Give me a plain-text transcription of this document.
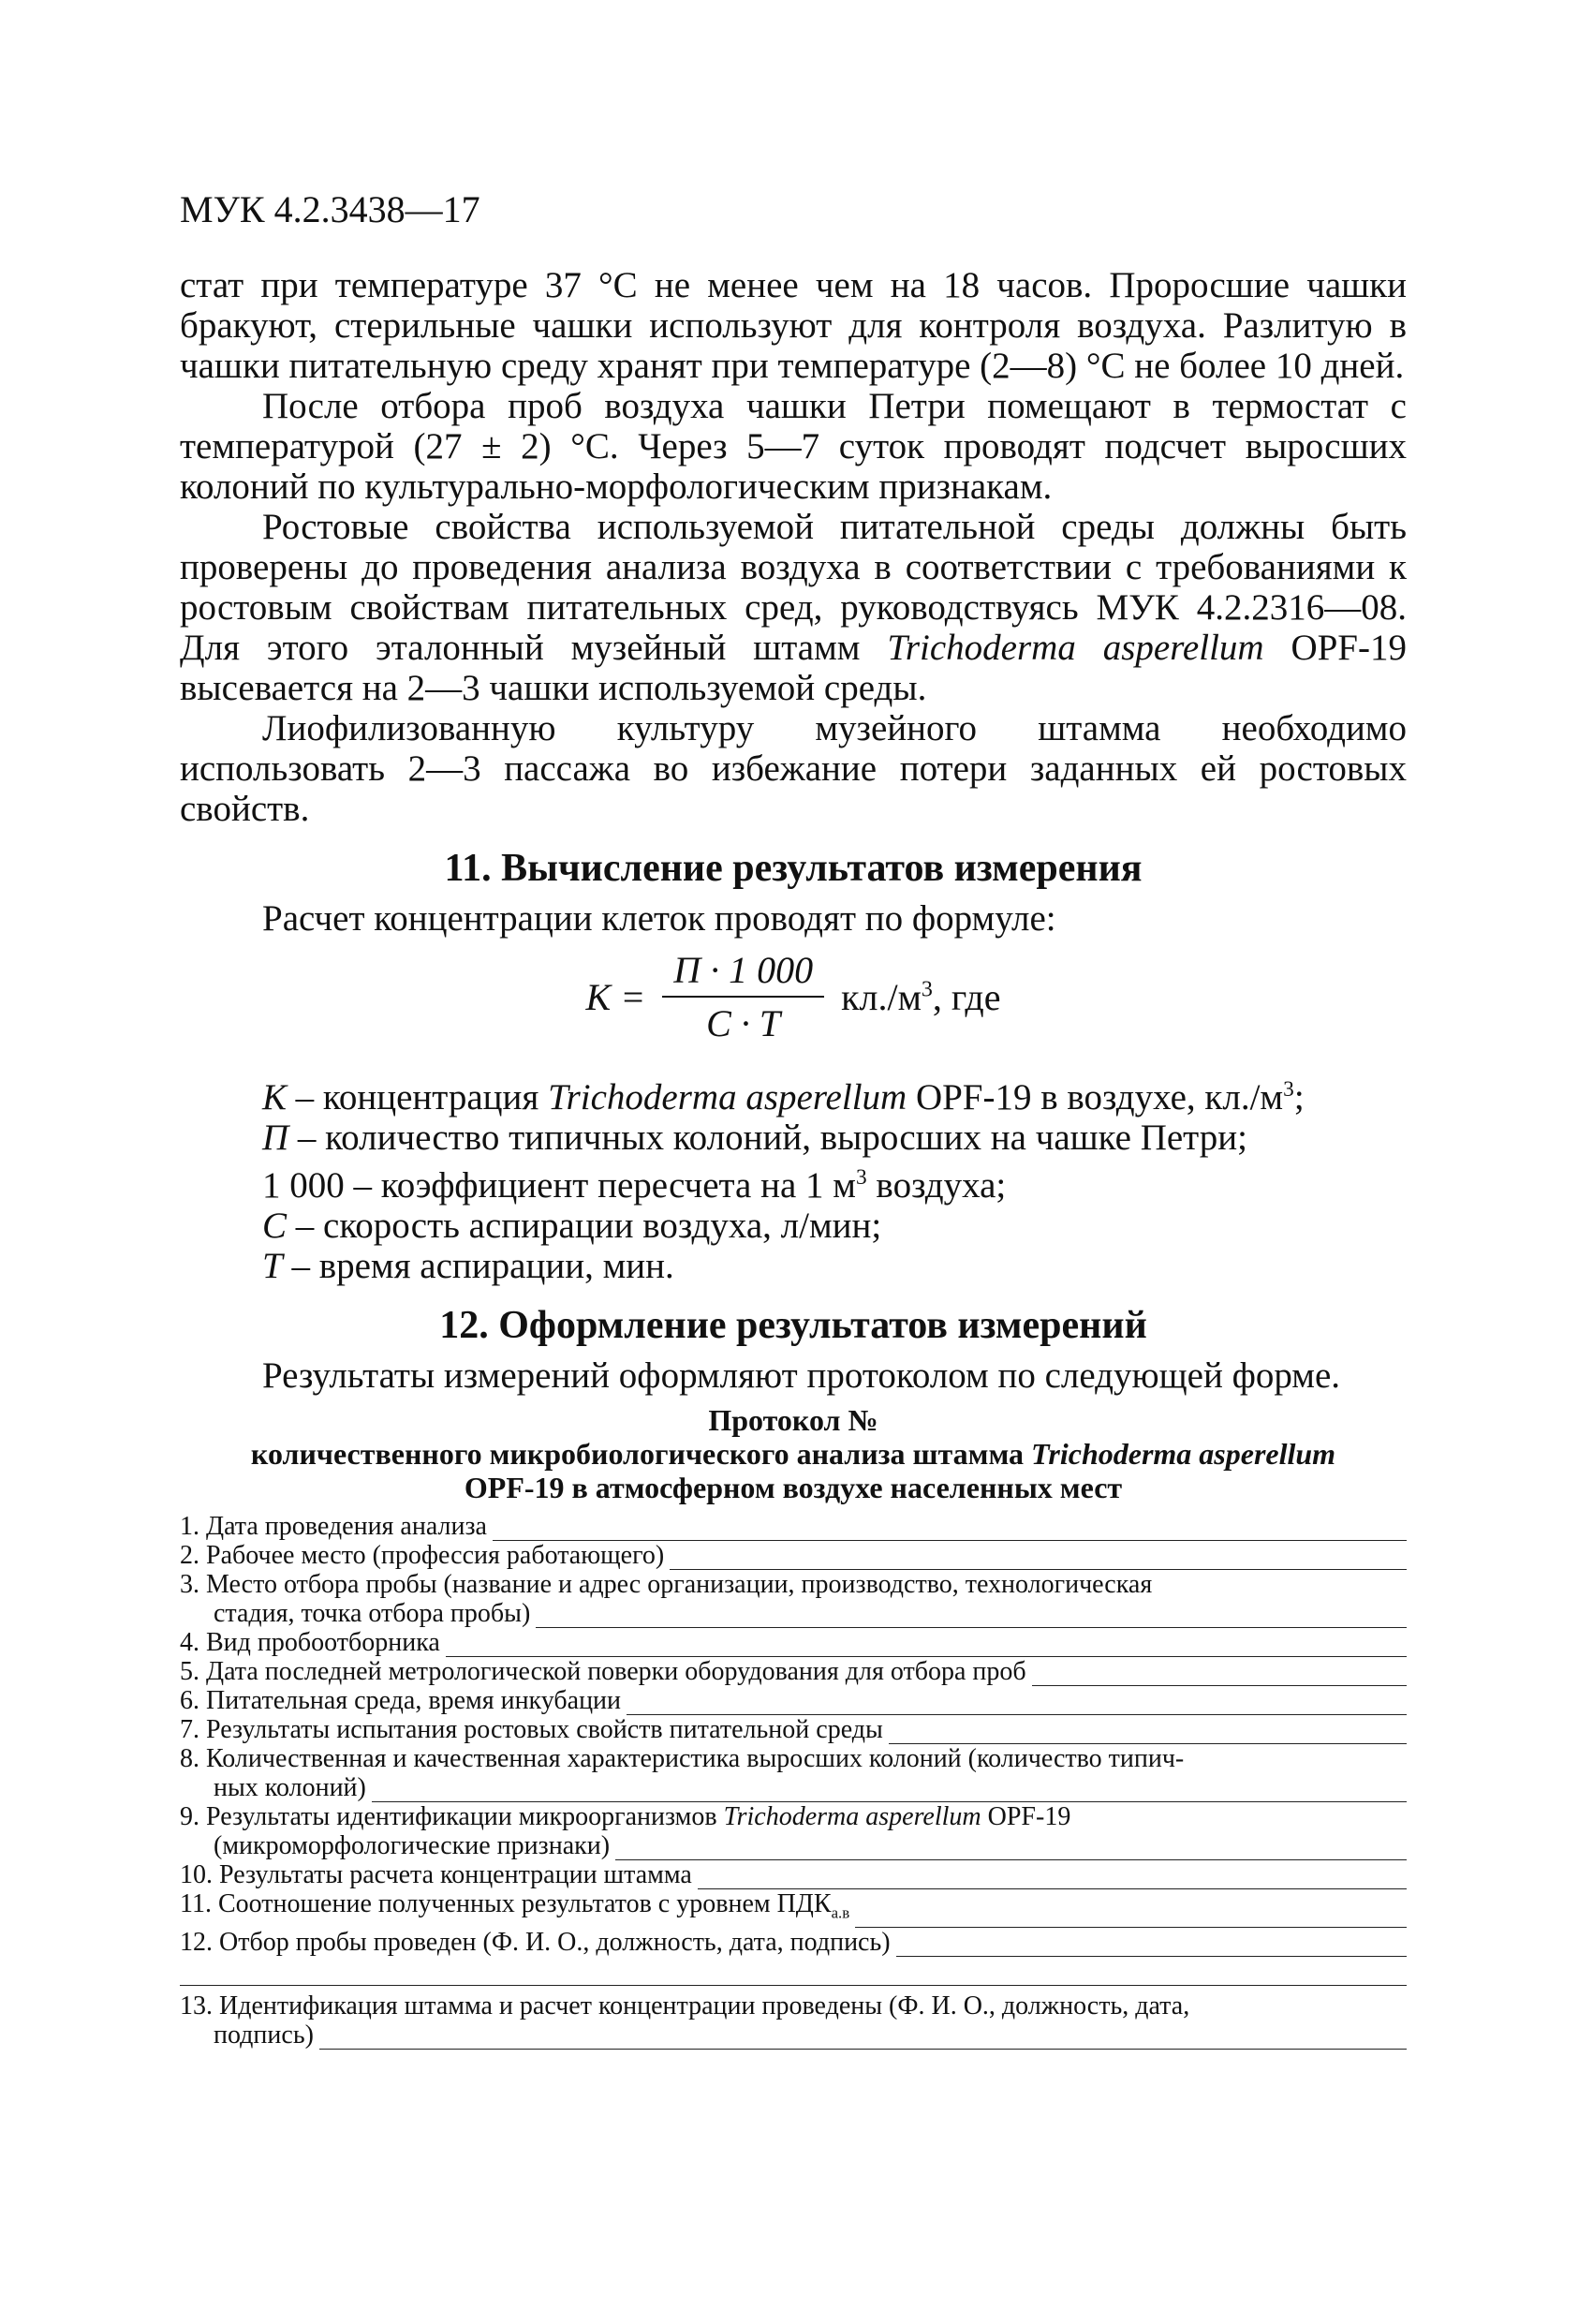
МУК 4.2.3438—17

стат при температуре 37 °С не менее чем на 18 часов. Проросшие чашки бракуют, стерильные чашки используют для контроля воздуха. Разлитую в чашки питательную среду хранят при температуре (2—8) °С не более 10 дней.

После отбора проб воздуха чашки Петри помещают в термостат с температурой (27 ± 2) °С. Через 5—7 суток проводят подсчет выросших колоний по культурально-морфологическим признакам.

Ростовые свойства используемой питательной среды должны быть проверены до проведения анализа воздуха в соответствии с требованиями к ростовым свойствам питательных сред, руководствуясь МУК 4.2.2316—08. Для этого эталонный музейный штамм Trichoderma asperellum OPF-19 высевается на 2—3 чашки используемой среды.

Лиофилизованную культуру музейного штамма необходимо использовать 2—3 пассажа во избежание потери заданных ей ростовых свойств.

11. Вычисление результатов измерения

Расчет концентрации клеток проводят по формуле:

$K = \frac{П \cdot 1 000}{С \cdot Т} кл./м^3$, где
К – концентрация Trichoderma asperellum OPF-19 в воздухе, $кл./м^3$;
П – количество типичных колоний, выросших на чашке Петри;
1 000 – коэффициент пересчета на 1 $м^3$ воздуха;
С – скорость аспирации воздуха, л/мин;
Т – время аспирации, мин.
12. Оформление результатов измерений

Результаты измерений оформляют протоколом по следующей форме.

Протокол №
количественного микробиологического анализа штамма Trichoderma asperellum
OPF-19 в атмосферном воздухе населенных мест
1. Дата проведения анализа
2. Рабочее место (профессия работающего)
3. Место отбора пробы (название и адрес организации, производство, технологическая
стадия, точка отбора пробы)
4. Вид пробоотборника
5. Дата последней метрологической поверки оборудования для отбора проб
6. Питательная среда, время инкубации
7. Результаты испытания ростовых свойств питательной среды
8. Количественная и качественная характеристика выросших колоний (количество типич-
ных колоний)
9. Результаты идентификации микроорганизмов Trichoderma asperellum OPF-19
(микроморфологические признаки)
10. Результаты расчета концентрации штамма
11. Соотношение полученных результатов с уровнем $ПДК_{а.в}$
12. Отбор пробы проведен (Ф. И. О., должность, дата, подпись)
13. Идентификация штамма и расчет концентрации проведены (Ф. И. О., должность, дата,
подпись)
